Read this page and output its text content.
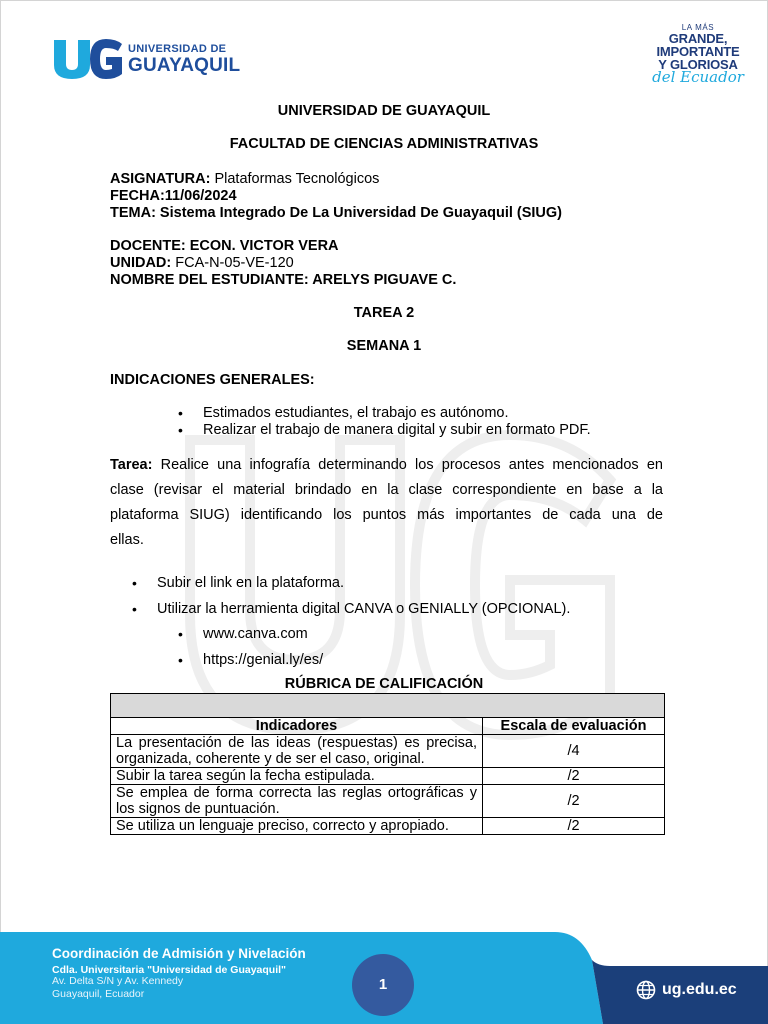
UNIVERSIDAD DE
GUAYAQUIL
LA MÁS
GRANDE,
IMPORTANTE
Y GLORIOSA
del Ecuador
UNIVERSIDAD DE GUAYAQUIL
FACULTAD DE CIENCIAS ADMINISTRATIVAS
ASIGNATURA: Plataformas Tecnológicos
FECHA:11/06/2024
TEMA: Sistema Integrado De La Universidad De Guayaquil (SIUG)
DOCENTE: ECON. VICTOR VERA
UNIDAD: FCA-N-05-VE-120
NOMBRE DEL ESTUDIANTE: ARELYS PIGUAVE C.
TAREA 2
SEMANA 1
INDICACIONES GENERALES:
• Estimados estudiantes, el trabajo es autónomo.
• Realizar el trabajo de manera digital y subir en formato PDF.
Tarea: Realice una infografía determinando los procesos antes mencionados en
clase (revisar el material brindado en la clase correspondiente en base a la
plataforma SIUG) identificando los puntos más importantes de cada una de
ellas.
• Subir el link en la plataforma.
• Utilizar la herramienta digital CANVA o GENIALLY (OPCIONAL).
• www.canva.com
• https://genial.ly/es/
RÚBRICA DE CALIFICACIÓN

Indicadores	Escala de evaluación
La presentación de las ideas (respuestas) es precisa, organizada, coherente y de ser el caso, original.	/4
Subir la tarea según la fecha estipulada.	/2
Se emplea de forma correcta las reglas ortográficas y los signos de puntuación.	/2
Se utiliza un lenguaje preciso, correcto y apropiado.	/2
Coordinación de Admisión y Nivelación
Cdla. Universitaria "Universidad de Guayaquil"
Av. Delta S/N y Av. Kennedy
Guayaquil, Ecuador
1	ug.edu.ec
